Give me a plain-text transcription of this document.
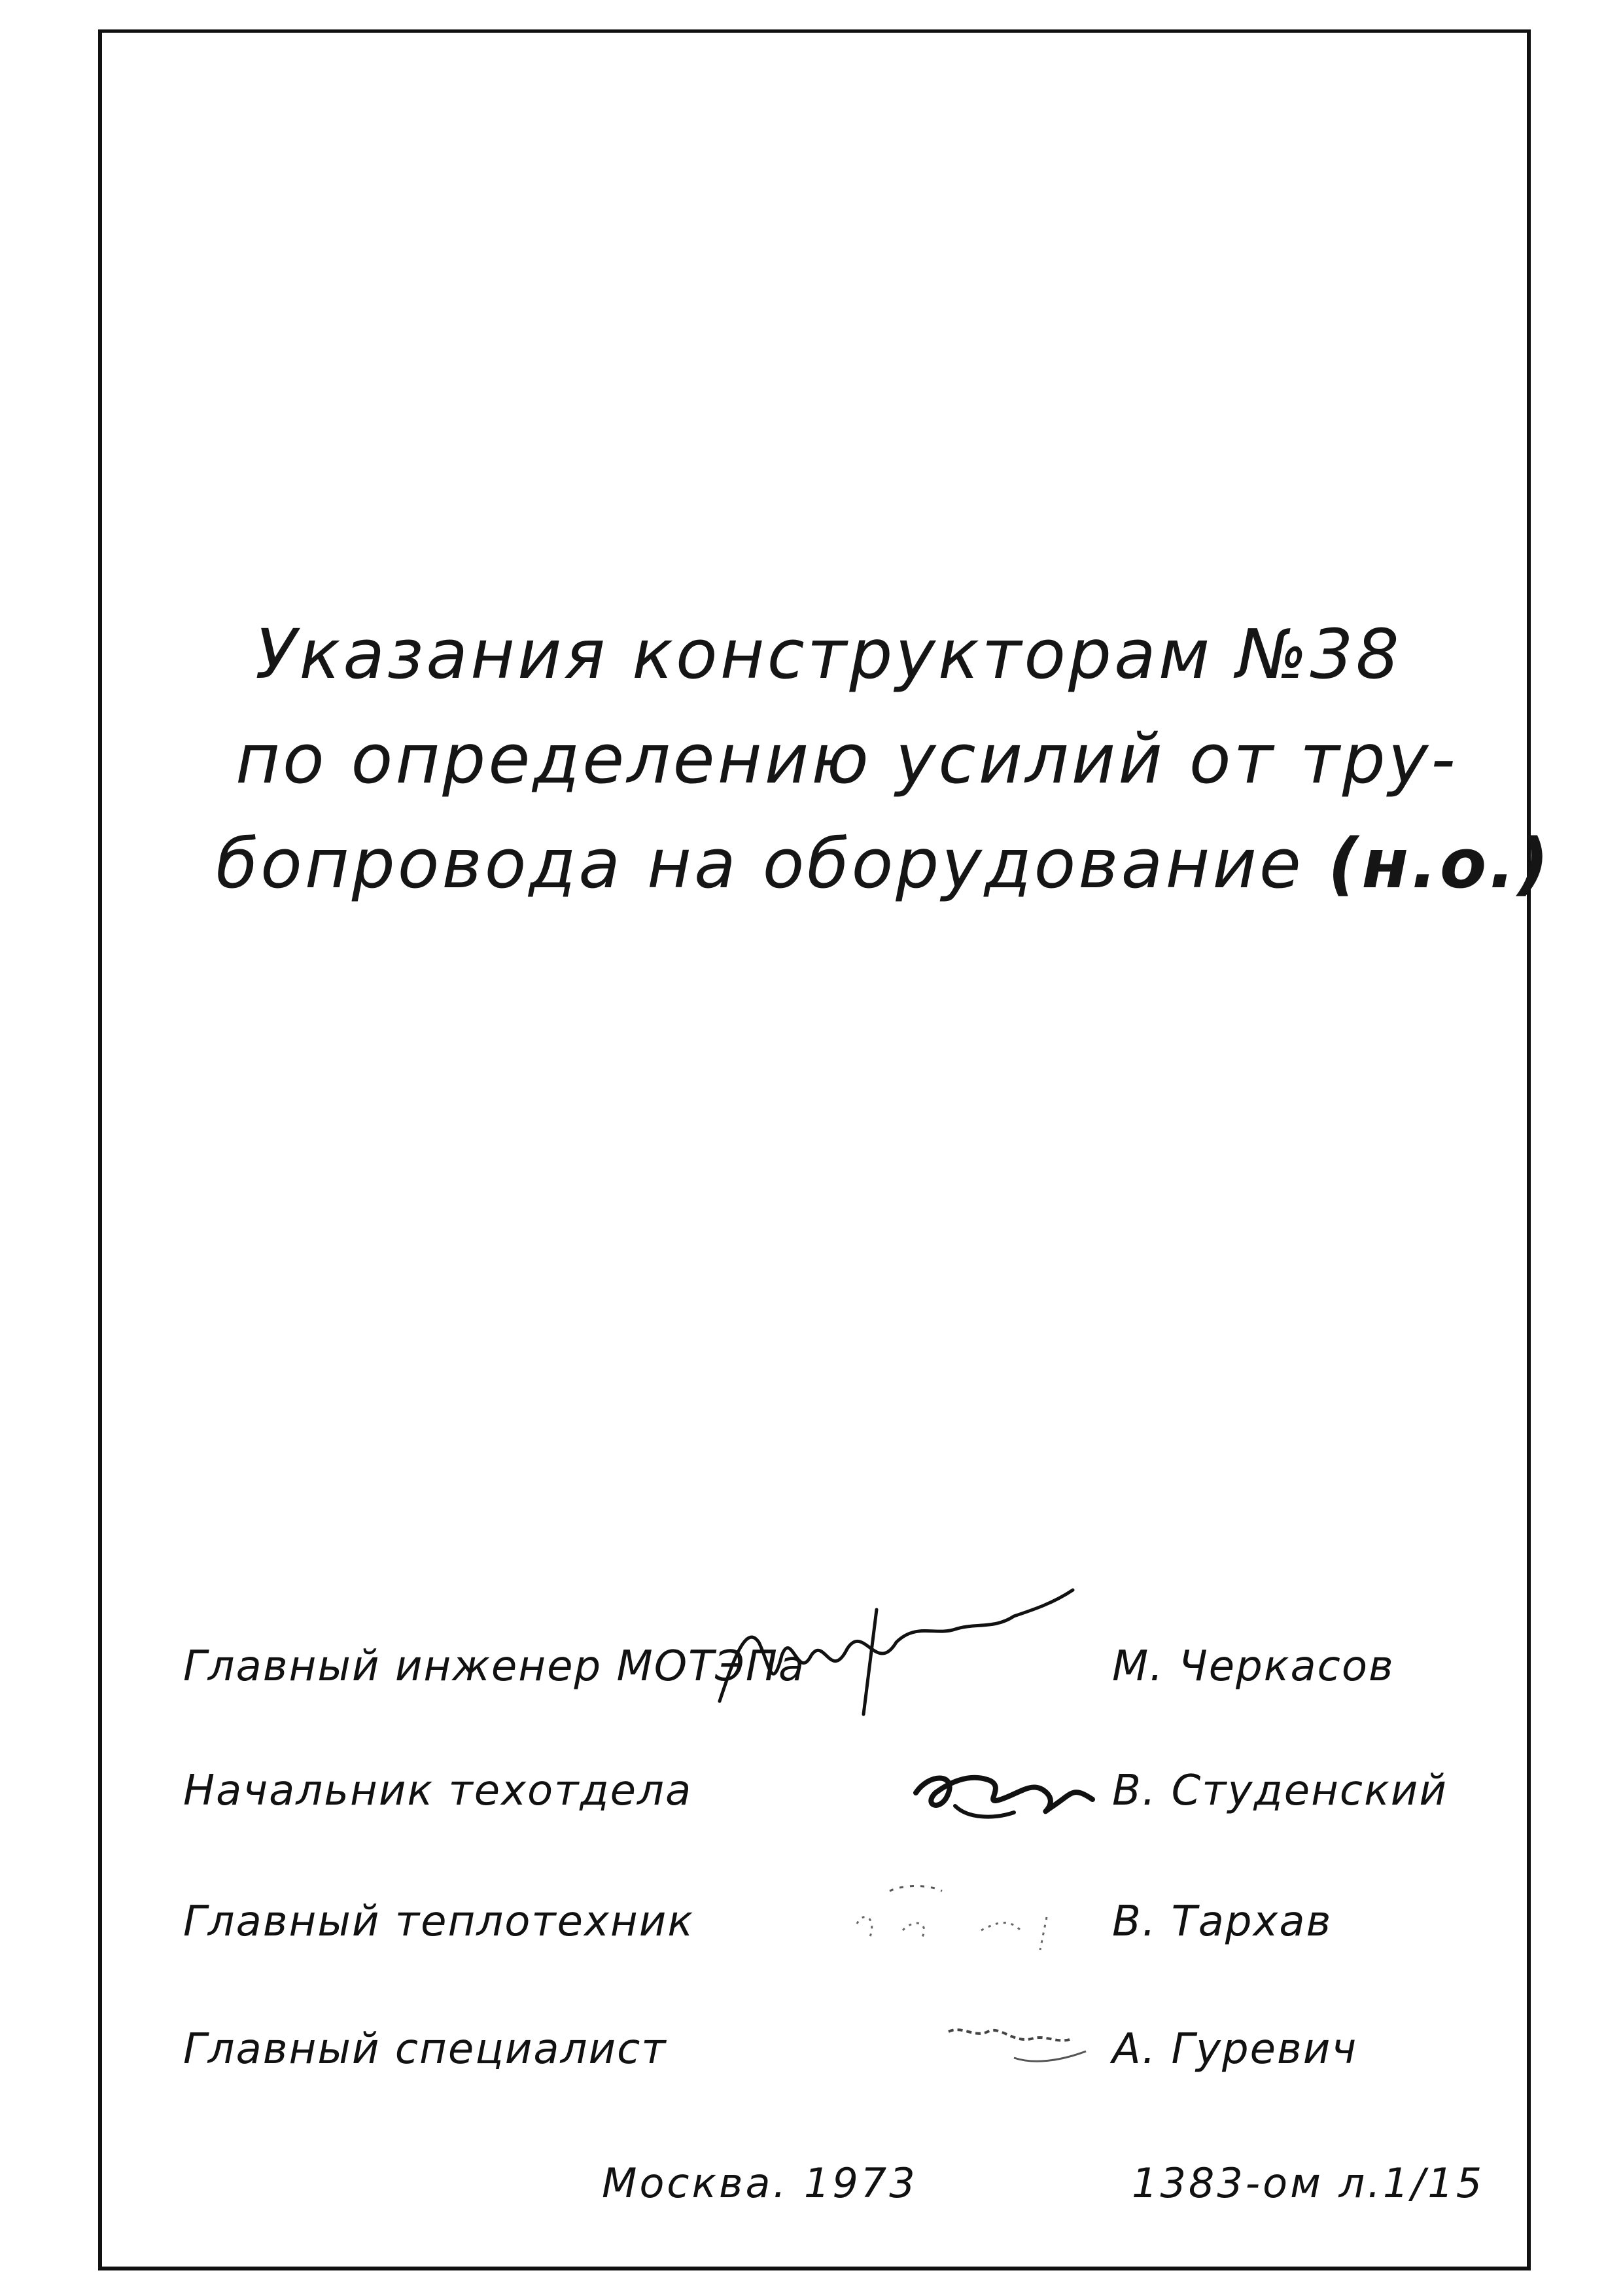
Указания конструкторам №38
по определению усилий от тру-
бопровода на оборудование (н.о.)
Главный инженер МОТЭПа	М. Черкасов
Начальник техотдела	В. Студенский
Главный теплотехник	В. Тархав
Главный специалист	А. Гуревич
Москва. 1973	1383-ом л.1/15
